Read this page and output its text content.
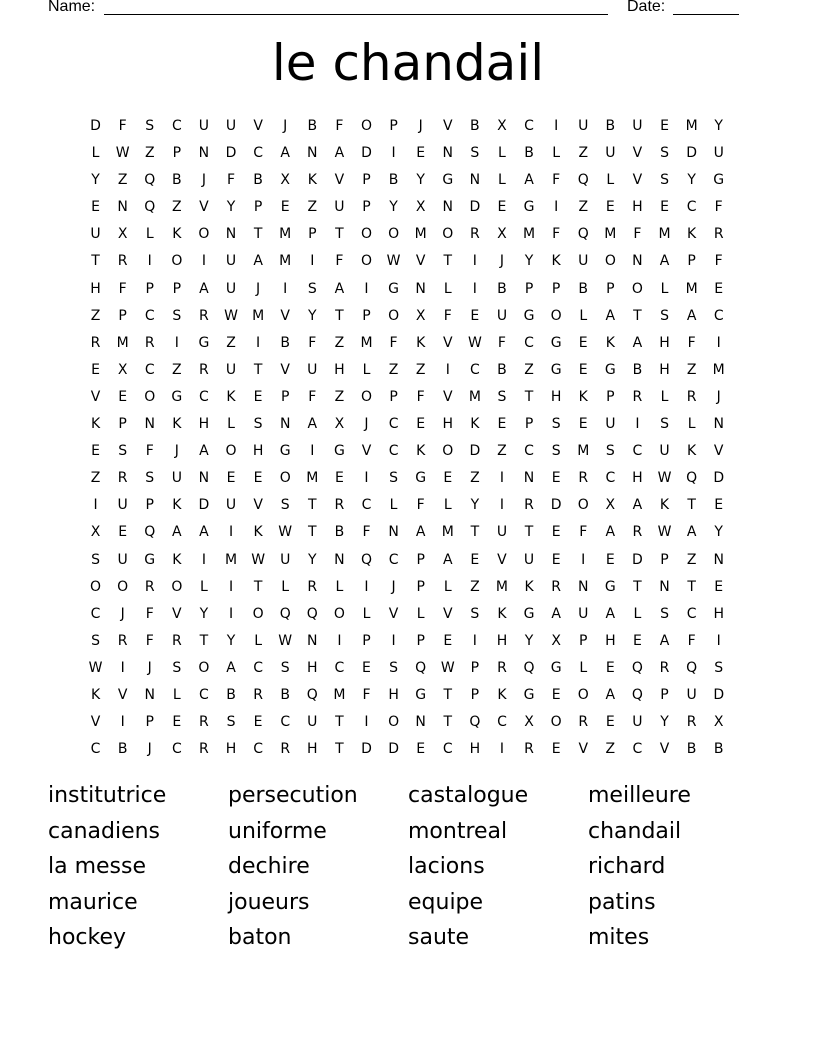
Name:	Date:
le chandail
D	F	S	C	U	U	V	J	B	F	O	P	J	V	B	X	C	I	U	B	U	E	M	Y
L	W	Z	P	N	D	C	A	N	A	D	I	E	N	S	L	B	L	Z	U	V	S	D	U
Y	Z	Q	B	J	F	B	X	K	V	P	B	Y	G	N	L	A	F	Q	L	V	S	Y	G
E	N	Q	Z	V	Y	P	E	Z	U	P	Y	X	N	D	E	G	I	Z	E	H	E	C	F
U	X	L	K	O	N	T	M	P	T	O	O	M	O	R	X	M	F	Q	M	F	M	K	R
T	R	I	O	I	U	A	M	I	F	O	W	V	T	I	J	Y	K	U	O	N	A	P	F
H	F	P	P	A	U	J	I	S	A	I	G	N	L	I	B	P	P	B	P	O	L	M	E
Z	P	C	S	R	W	M	V	Y	T	P	O	X	F	E	U	G	O	L	A	T	S	A	C
R	M	R	I	G	Z	I	B	F	Z	M	F	K	V	W	F	C	G	E	K	A	H	F	I
E	X	C	Z	R	U	T	V	U	H	L	Z	Z	I	C	B	Z	G	E	G	B	H	Z	M
V	E	O	G	C	K	E	P	F	Z	O	P	F	V	M	S	T	H	K	P	R	L	R	J
K	P	N	K	H	L	S	N	A	X	J	C	E	H	K	E	P	S	E	U	I	S	L	N
E	S	F	J	A	O	H	G	I	G	V	C	K	O	D	Z	C	S	M	S	C	U	K	V
Z	R	S	U	N	E	E	O	M	E	I	S	G	E	Z	I	N	E	R	C	H	W	Q	D
I	U	P	K	D	U	V	S	T	R	C	L	F	L	Y	I	R	D	O	X	A	K	T	E
X	E	Q	A	A	I	K	W	T	B	F	N	A	M	T	U	T	E	F	A	R	W	A	Y
S	U	G	K	I	M	W	U	Y	N	Q	C	P	A	E	V	U	E	I	E	D	P	Z	N
O	O	R	O	L	I	T	L	R	L	I	J	P	L	Z	M	K	R	N	G	T	N	T	E
C	J	F	V	Y	I	O	Q	Q	O	L	V	L	V	S	K	G	A	U	A	L	S	C	H
S	R	F	R	T	Y	L	W	N	I	P	I	P	E	I	H	Y	X	P	H	E	A	F	I
W	I	J	S	O	A	C	S	H	C	E	S	Q	W	P	R	Q	G	L	E	Q	R	Q	S
K	V	N	L	C	B	R	B	Q	M	F	H	G	T	P	K	G	E	O	A	Q	P	U	D
V	I	P	E	R	S	E	C	U	T	I	O	N	T	Q	C	X	O	R	E	U	Y	R	X
C	B	J	C	R	H	C	R	H	T	D	D	E	C	H	I	R	E	V	Z	C	V	B	B
institutrice	persecution	castalogue	meilleure
canadiens	uniforme	montreal	chandail
la messe	dechire	lacions	richard
maurice	joueurs	equipe	patins
hockey	baton	saute	mites
